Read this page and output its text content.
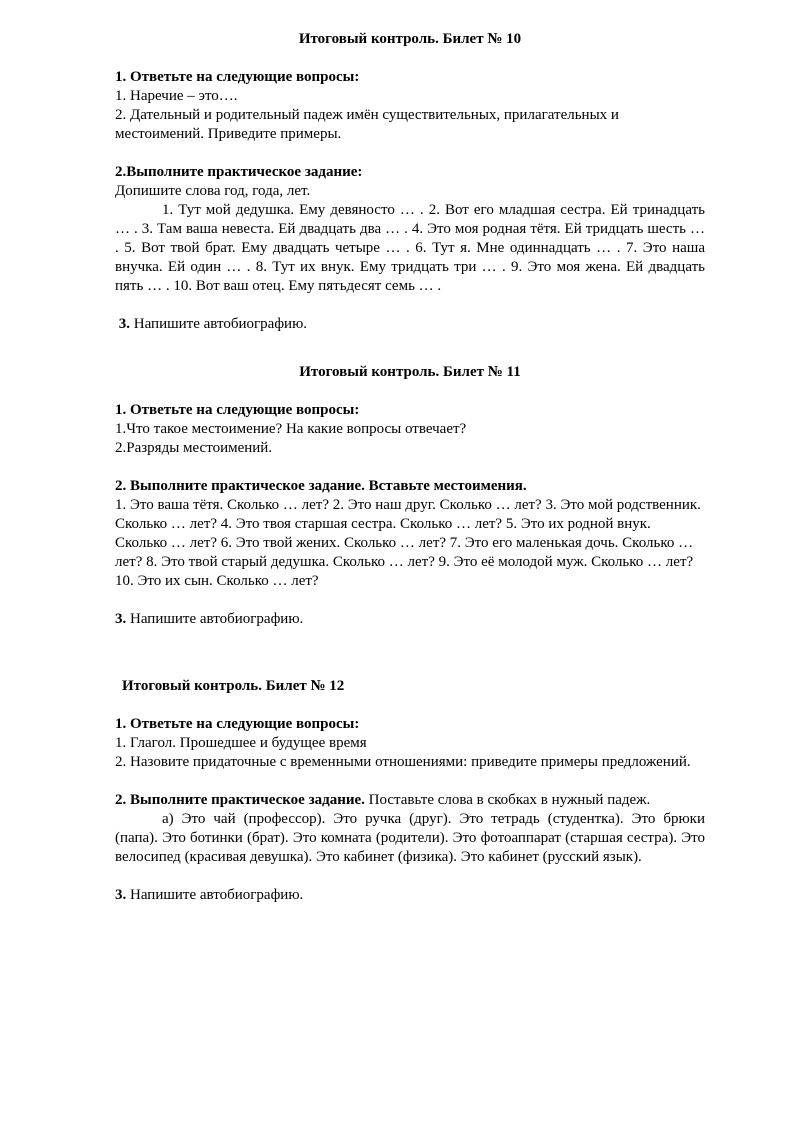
Итоговый контроль. Билет № 10

1. Ответьте на следующие вопросы:

1. Наречие – это….

2. Дательный и родительный падеж имён существительных, прилагательных и местоимений. Приведите примеры.

2.Выполните практическое задание:

Допишите слова год, года, лет.

1. Тут мой дедушка. Ему девяносто … . 2. Вот его младшая сестра. Ей тринадцать … . 3. Там ваша невеста. Ей двадцать два … . 4. Это моя родная тётя. Ей тридцать шесть … . 5. Вот твой брат. Ему двадцать четыре … . 6. Тут я. Мне одиннадцать … . 7. Это наша внучка. Ей один … . 8. Тут их внук. Ему тридцать три … . 9. Это моя жена. Ей двадцать пять … . 10. Вот ваш отец. Ему пятьдесят семь … .

3. Напишите автобиографию.

Итоговый контроль. Билет № 11

1. Ответьте на следующие вопросы:

1.Что такое местоимение? На какие вопросы отвечает?

2.Разряды местоимений.

2. Выполните практическое задание. Вставьте местоимения.

1. Это ваша тётя. Сколько … лет? 2. Это наш друг. Сколько … лет? 3. Это мой родственник. Сколько … лет? 4. Это твоя старшая сестра. Сколько … лет? 5. Это их родной внук. Сколько … лет? 6. Это твой жених. Сколько … лет? 7. Это его маленькая дочь. Сколько … лет? 8. Это твой старый дедушка. Сколько … лет? 9. Это её молодой муж. Сколько … лет? 10. Это их сын. Сколько … лет?

3. Напишите автобиографию.

Итоговый контроль. Билет № 12

1. Ответьте на следующие вопросы:

1. Глагол. Прошедшее и будущее время

2. Назовите придаточные с временными отношениями: приведите примеры предложений.

2. Выполните практическое задание. Поставьте слова в скобках в нужный падеж.

а) Это чай (профессор). Это ручка (друг). Это тетрадь (студентка). Это брюки (папа). Это ботинки (брат). Это комната (родители). Это фотоаппарат (старшая сестра). Это велосипед (красивая девушка). Это кабинет (физика). Это кабинет (русский язык).

3. Напишите автобиографию.
